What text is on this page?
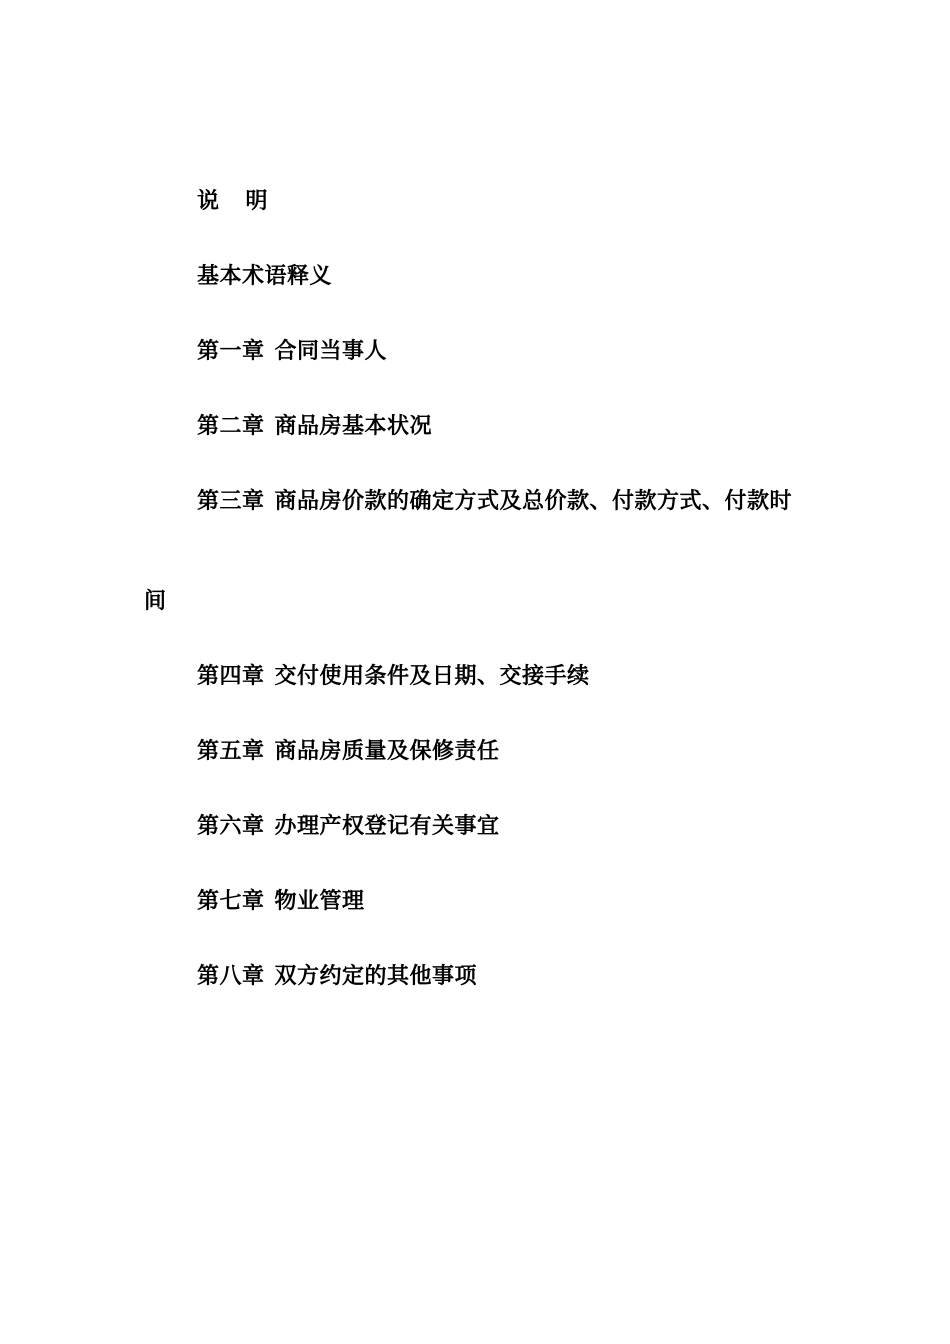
说 明
基本术语释义
第一章 合同当事人
第二章 商品房基本状况
第三章 商品房价款的确定方式及总价款、付款方式、付款时
间
第四章 交付使用条件及日期、交接手续
第五章 商品房质量及保修责任
第六章 办理产权登记有关事宜
第七章 物业管理
第八章 双方约定的其他事项
